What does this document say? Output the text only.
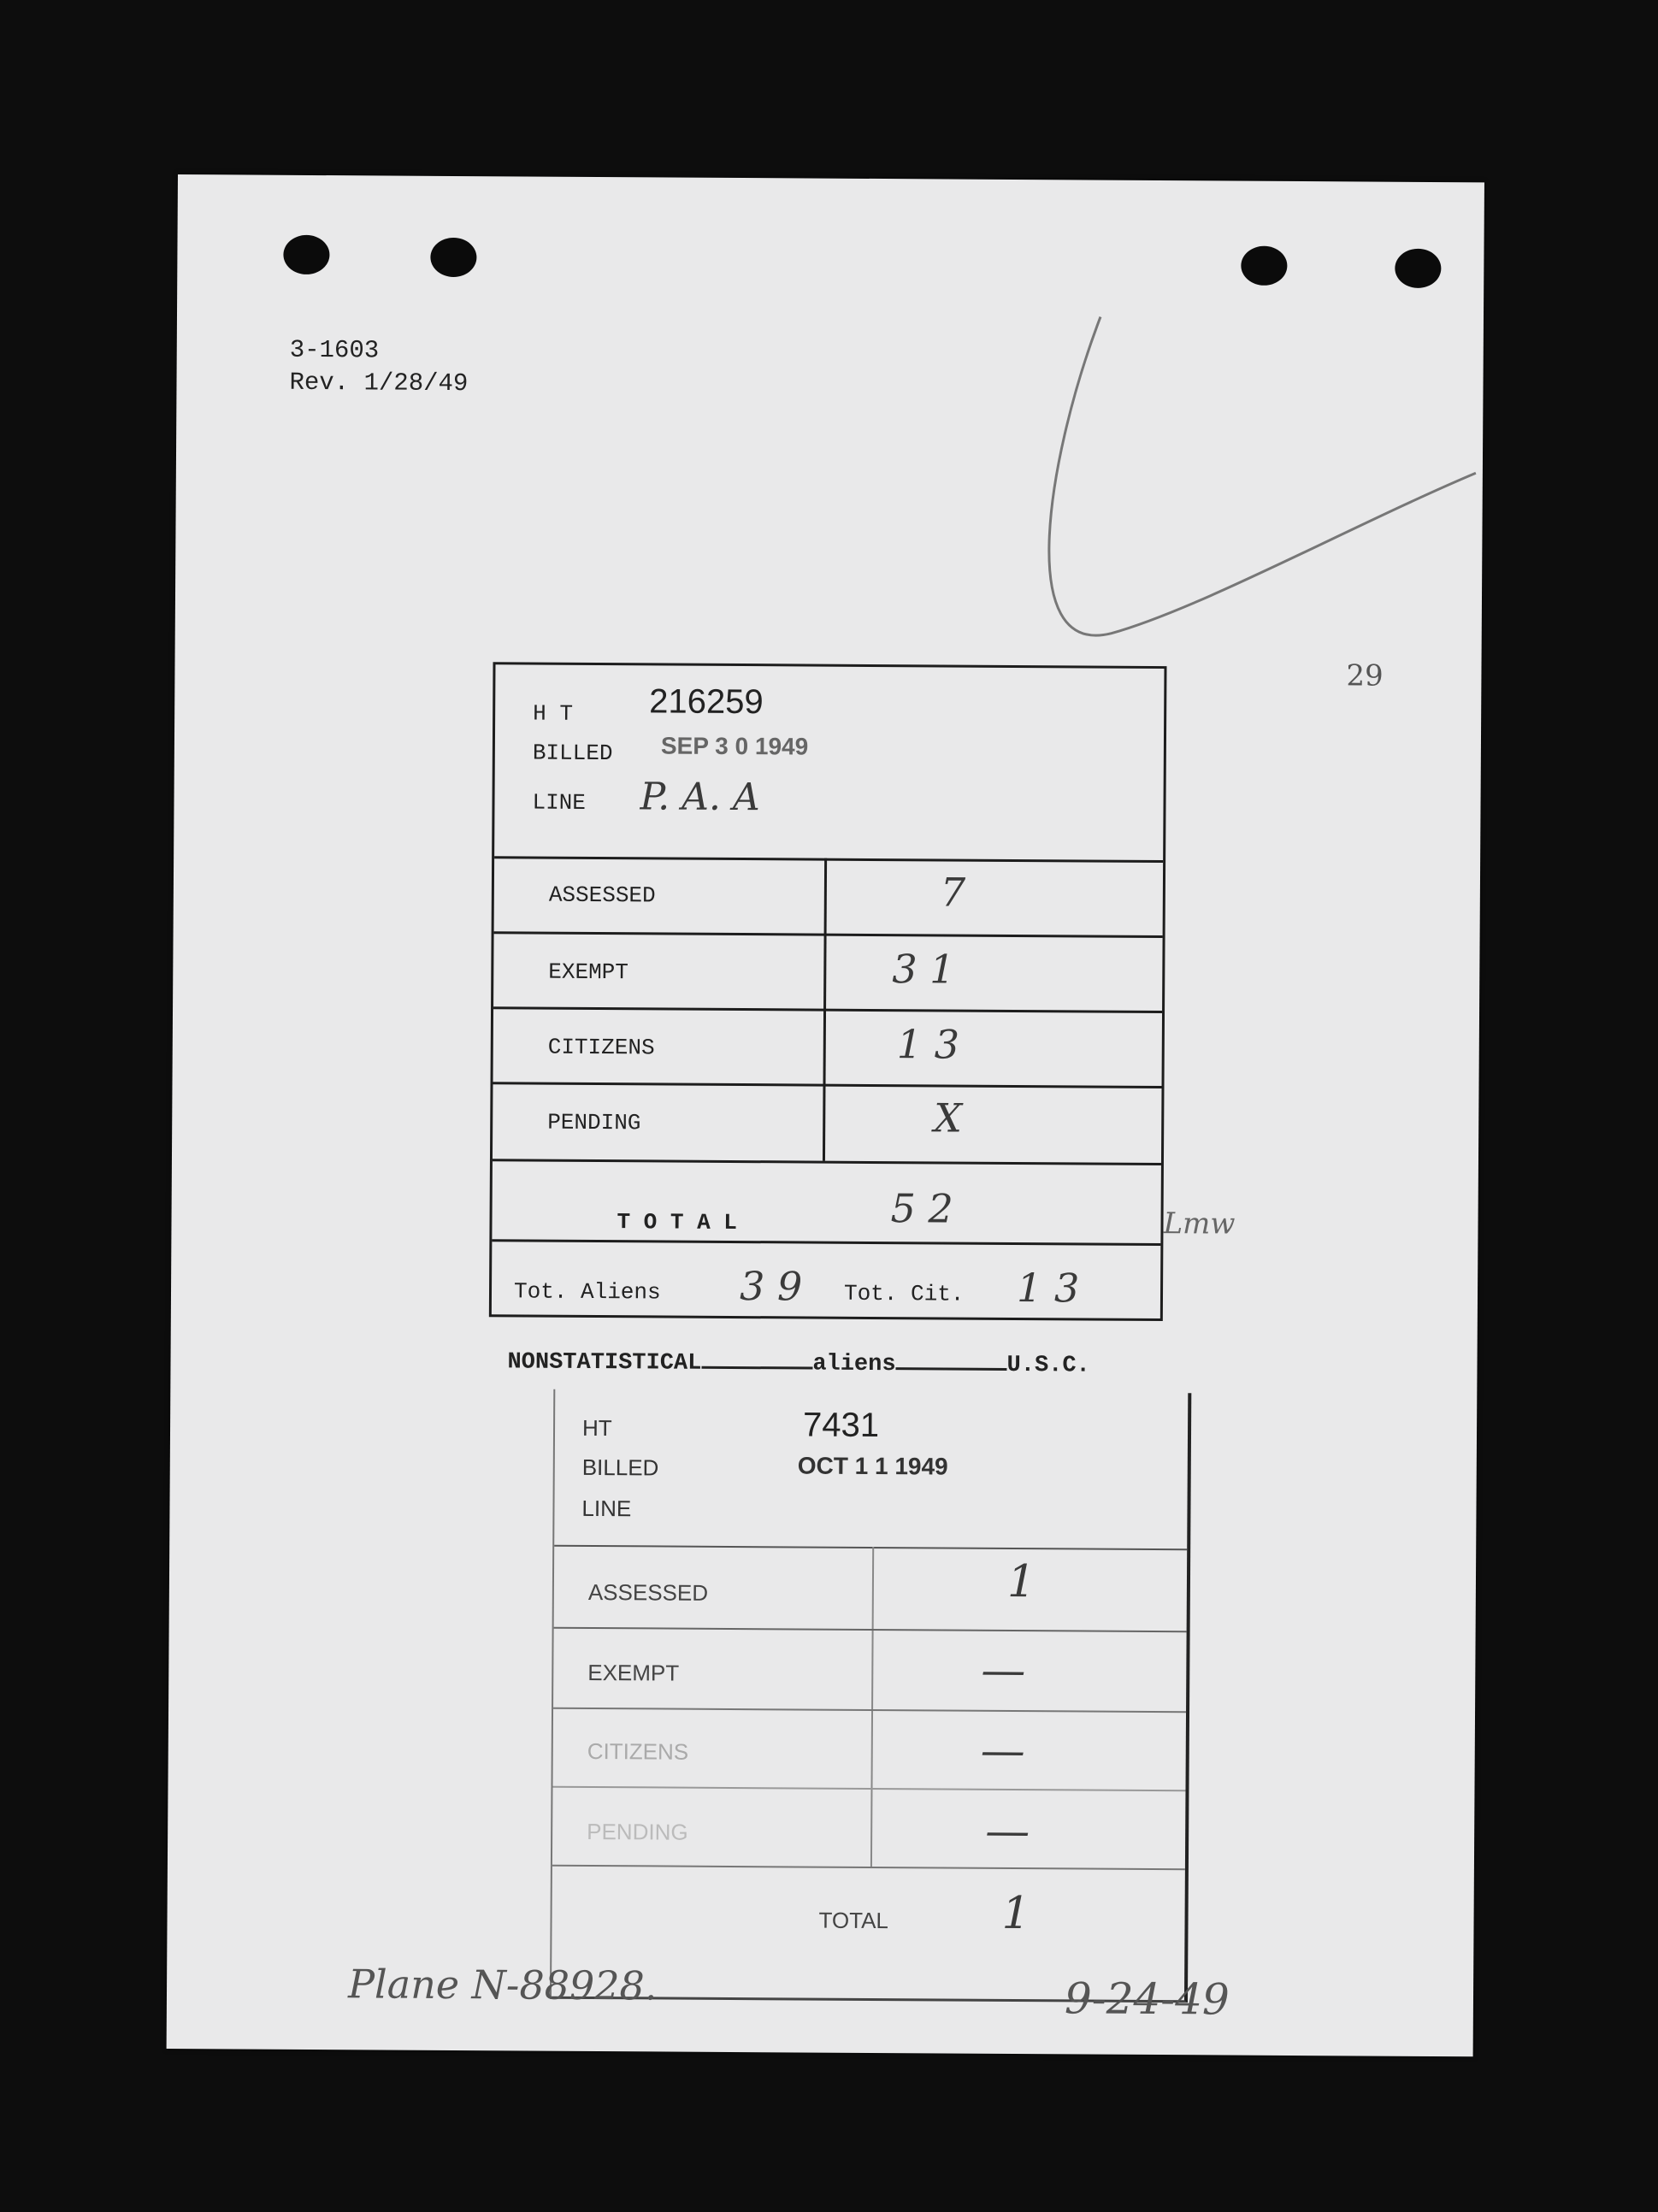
3-1603
Rev. 1/28/49
29
H T 216259
BILLED SEP 3 0 1949
LINE P. A. A
ASSESSED	7
EXEMPT	3 1
CITIZENS	1 3
PENDING	X
T O T A L	5 2
Tot. Aliens 3 9 Tot. Cit. 1 3
Lmw
NONSTATISTICAL	aliens	U.S.C.
HT	7431
BILLED	OCT 1 1 1949
LINE
ASSESSED	1
EXEMPT	—
CITIZENS	—
PENDING	—
TOTAL	1
Plane N-88928.	9-24-49
